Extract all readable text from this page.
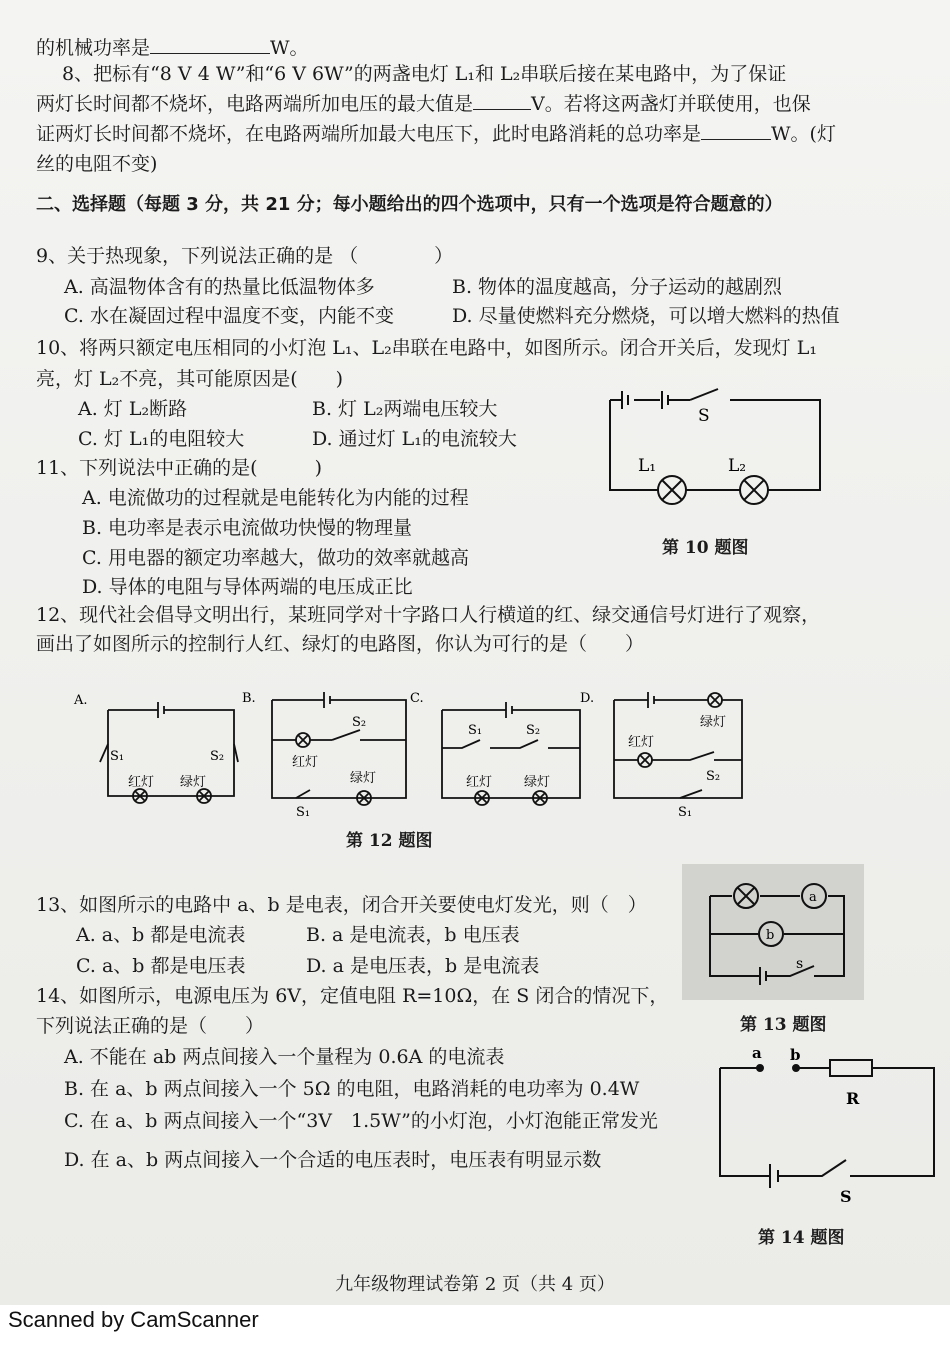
的机械功率是	W。
8、把标有“8 V 4 W”和“6 V 6W”的两盏电灯 L₁和 L₂串联后接在某电路中，为了保证
两灯长时间都不烧坏，电路两端所加电压的最大值是	V。若将这两盏灯并联使用，也保
证两灯长时间都不烧坏，在电路两端所加最大电压下，此时电路消耗的总功率是	W。(灯
丝的电阻不变)
二、选择题（每题 3 分，共 21 分；每小题给出的四个选项中，只有一个选项是符合题意的）
9、关于热现象，下列说法正确的是 （　　　　）
A. 高温物体含有的热量比低温物体多	B. 物体的温度越高，分子运动的越剧烈
C. 水在凝固过程中温度不变，内能不变	D. 尽量使燃料充分燃烧，可以增大燃料的热值
10、将两只额定电压相同的小灯泡 L₁、L₂串联在电路中，如图所示。闭合开关后，发现灯 L₁
亮，灯 L₂不亮，其可能原因是(　　)
A. 灯 L₂断路	B. 灯 L₂两端电压较大
C. 灯 L₁的电阻较大	D. 通过灯 L₁的电流较大
S
L₁	L₂
第 10 题图
11、下列说法中正确的是(　　　)
A. 电流做功的过程就是电能转化为内能的过程
B. 电功率是表示电流做功快慢的物理量
C. 用电器的额定功率越大，做功的效率就越高
D. 导体的电阻与导体两端的电压成正比
12、现代社会倡导文明出行，某班同学对十字路口人行横道的红、绿交通信号灯进行了观察，
画出了如图所示的控制行人红、绿灯的电路图，你认为可行的是（　　）
A.	B.	C.	D.
S₁	S₂
红灯 绿灯
S₂
红灯
绿灯
S₁
S₁	S₂
红灯 绿灯
绿灯
红灯
S₂
S₁
第 12 题图
13、如图所示的电路中 a、b 是电表，闭合开关要使电灯发光，则（　）
A. a、b 都是电流表	B. a 是电流表，b 电压表
C. a、b 都是电压表	D. a 是电压表，b 是电流表
a
b
s
第 13 题图
14、如图所示，电源电压为 6V，定值电阻 R=10Ω，在 S 闭合的情况下，
下列说法正确的是（　　）
A. 不能在 ab 两点间接入一个量程为 0.6A 的电流表
B. 在 a、b 两点间接入一个 5Ω 的电阻，电路消耗的电功率为 0.4W
C. 在 a、b 两点间接入一个“3V　1.5W”的小灯泡，小灯泡能正常发光
D. 在 a、b 两点间接入一个合适的电压表时，电压表有明显示数
a b
R
S
第 14 题图
九年级物理试卷第 2 页（共 4 页）
Scanned by CamScanner
